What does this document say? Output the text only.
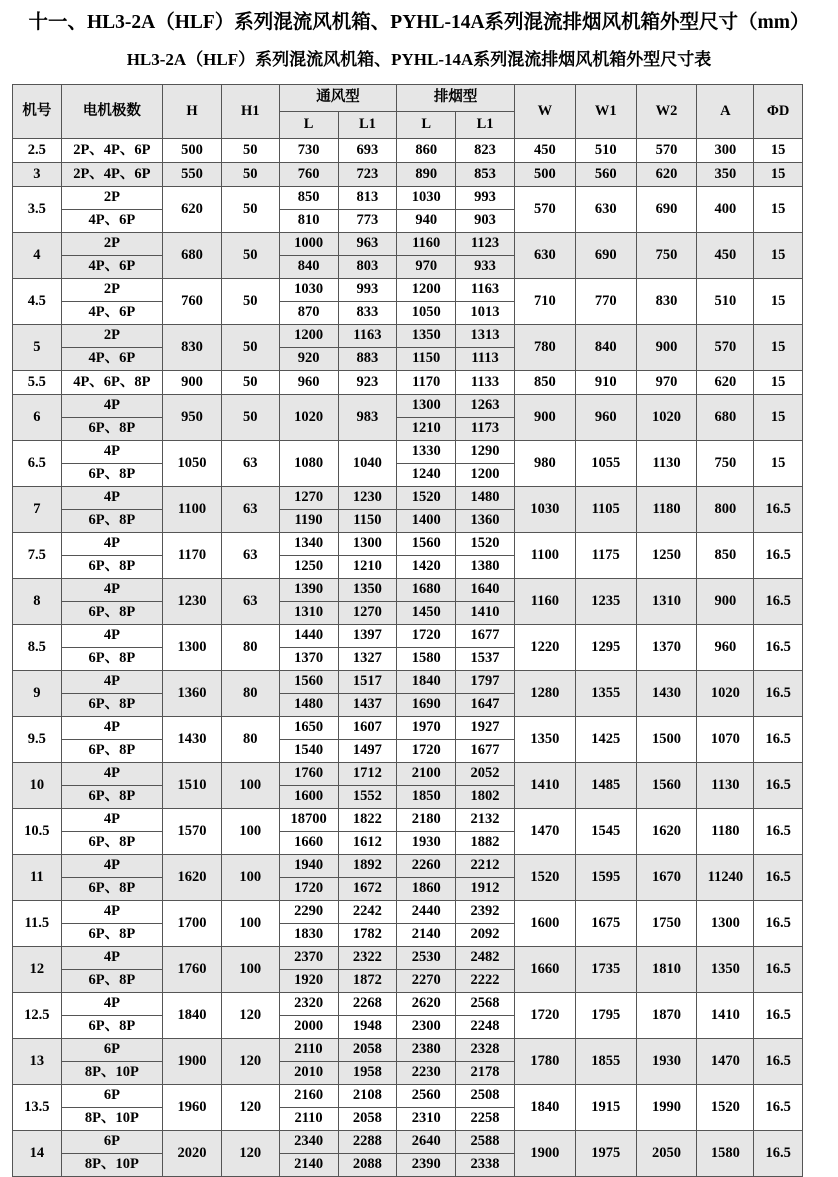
十一、HL3-2A（HLF）系列混流风机箱、PYHL-14A系列混流排烟风机箱外型尺寸（mm）
HL3-2A（HLF）系列混流风机箱、PYHL-14A系列混流排烟风机箱外型尺寸表
机号	电机极数	H	H1	通风型		排烟型		W	W1	W2	A	ΦD
				L	L1	L	L1					
2.5	2P、4P、6P	500	50	730	693	860	823	450	510	570	300	15
3	2P、4P、6P	550	50	760	723	890	853	500	560	620	350	15
3.5	2P	620	50	850	813	1030	993	570	630	690	400	15
	4P、6P			810	773	940	903					
4	2P	680	50	1000	963	1160	1123	630	690	750	450	15
	4P、6P			840	803	970	933					
4.5	2P	760	50	1030	993	1200	1163	710	770	830	510	15
	4P、6P			870	833	1050	1013					
5	2P	830	50	1200	1163	1350	1313	780	840	900	570	15
	4P、6P			920	883	1150	1113					
5.5	4P、6P、8P	900	50	960	923	1170	1133	850	910	970	620	15
6	4P	950	50	1020	983	1300	1263	900	960	1020	680	15
	6P、8P					1210	1173					
6.5	4P	1050	63	1080	1040	1330	1290	980	1055	1130	750	15
	6P、8P					1240	1200					
7	4P	1100	63	1270	1230	1520	1480	1030	1105	1180	800	16.5
	6P、8P			1190	1150	1400	1360					
7.5	4P	1170	63	1340	1300	1560	1520	1100	1175	1250	850	16.5
	6P、8P			1250	1210	1420	1380					
8	4P	1230	63	1390	1350	1680	1640	1160	1235	1310	900	16.5
	6P、8P			1310	1270	1450	1410					
8.5	4P	1300	80	1440	1397	1720	1677	1220	1295	1370	960	16.5
	6P、8P			1370	1327	1580	1537					
9	4P	1360	80	1560	1517	1840	1797	1280	1355	1430	1020	16.5
	6P、8P			1480	1437	1690	1647					
9.5	4P	1430	80	1650	1607	1970	1927	1350	1425	1500	1070	16.5
	6P、8P			1540	1497	1720	1677					
10	4P	1510	100	1760	1712	2100	2052	1410	1485	1560	1130	16.5
	6P、8P			1600	1552	1850	1802					
10.5	4P	1570	100	18700	1822	2180	2132	1470	1545	1620	1180	16.5
	6P、8P			1660	1612	1930	1882					
11	4P	1620	100	1940	1892	2260	2212	1520	1595	1670	11240	16.5
	6P、8P			1720	1672	1860	1912					
11.5	4P	1700	100	2290	2242	2440	2392	1600	1675	1750	1300	16.5
	6P、8P			1830	1782	2140	2092					
12	4P	1760	100	2370	2322	2530	2482	1660	1735	1810	1350	16.5
	6P、8P			1920	1872	2270	2222					
12.5	4P	1840	120	2320	2268	2620	2568	1720	1795	1870	1410	16.5
	6P、8P			2000	1948	2300	2248					
13	6P	1900	120	2110	2058	2380	2328	1780	1855	1930	1470	16.5
	8P、10P			2010	1958	2230	2178					
13.5	6P	1960	120	2160	2108	2560	2508	1840	1915	1990	1520	16.5
	8P、10P			2110	2058	2310	2258					
14	6P	2020	120	2340	2288	2640	2588	1900	1975	2050	1580	16.5
	8P、10P			2140	2088	2390	2338					
